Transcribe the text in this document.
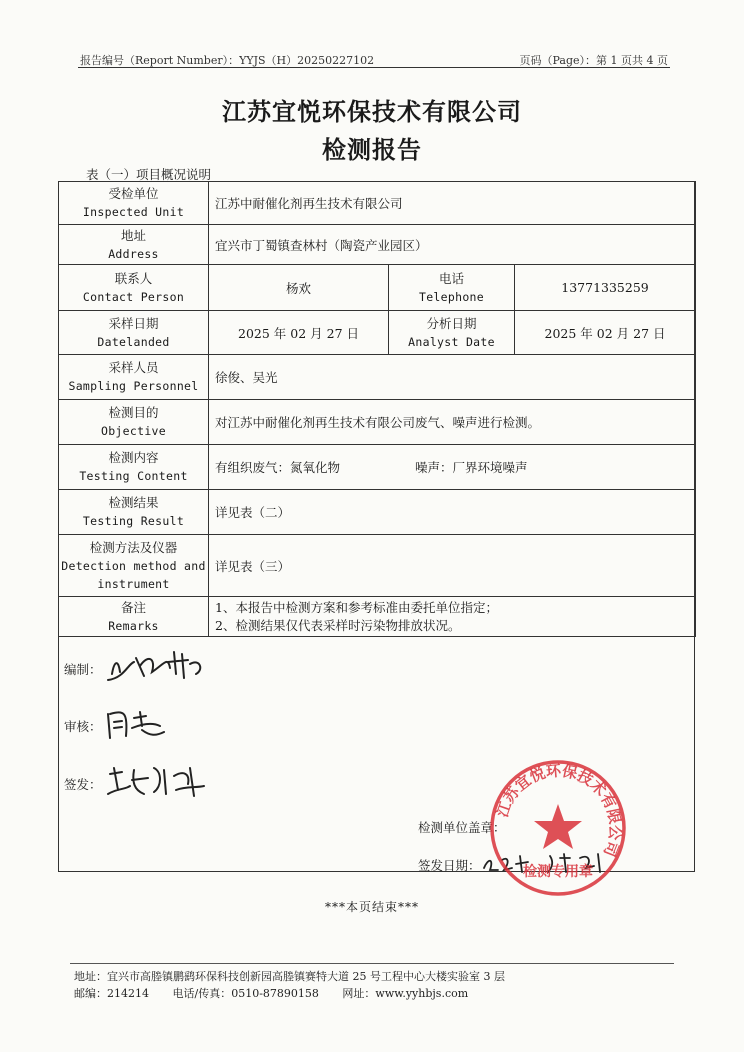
报告编号（Report Number）：YYJS（H）20250227102	页码（Page）：第 1 页共 4 页
江苏宜悦环保技术有限公司
检测报告
表（一）项目概况说明
受检单位
Inspected Unit	江苏中耐催化剂再生技术有限公司		

地址
Address	宜兴市丁蜀镇查林村（陶瓷产业园区）		

联系人
Contact Person	杨欢	电话
Telephone	13771335259

采样日期
Datelanded	2025 年 02 月 27 日	分析日期
Analyst Date	2025 年 02 月 27 日

采样人员
Sampling Personnel	徐俊、吴光		

检测目的
Objective	对江苏中耐催化剂再生技术有限公司废气、噪声进行检测。		

检测内容
Testing Content	有组织废气：氮氧化物 噪声：厂界环境噪声		

检测结果
Testing Result	详见表（二）		

检测方法及仪器
Detection method and
instrument	详见表（三）		

备注
Remarks	1、本报告中检测方案和参考标准由委托单位指定；
2、检测结果仅代表采样时污染物排放状况。		
编制：
审核：
签发：
检测单位盖章：
签发日期：
江苏宜悦环保技术有限公司
检测专用章
***本页结束***
地址：宜兴市高塍镇鹏鹞环保科技创新园高塍镇赛特大道 25 号工程中心大楼实验室 3 层
邮编：214214 电话/传真：0510-87890158 网址：www.yyhbjs.com
